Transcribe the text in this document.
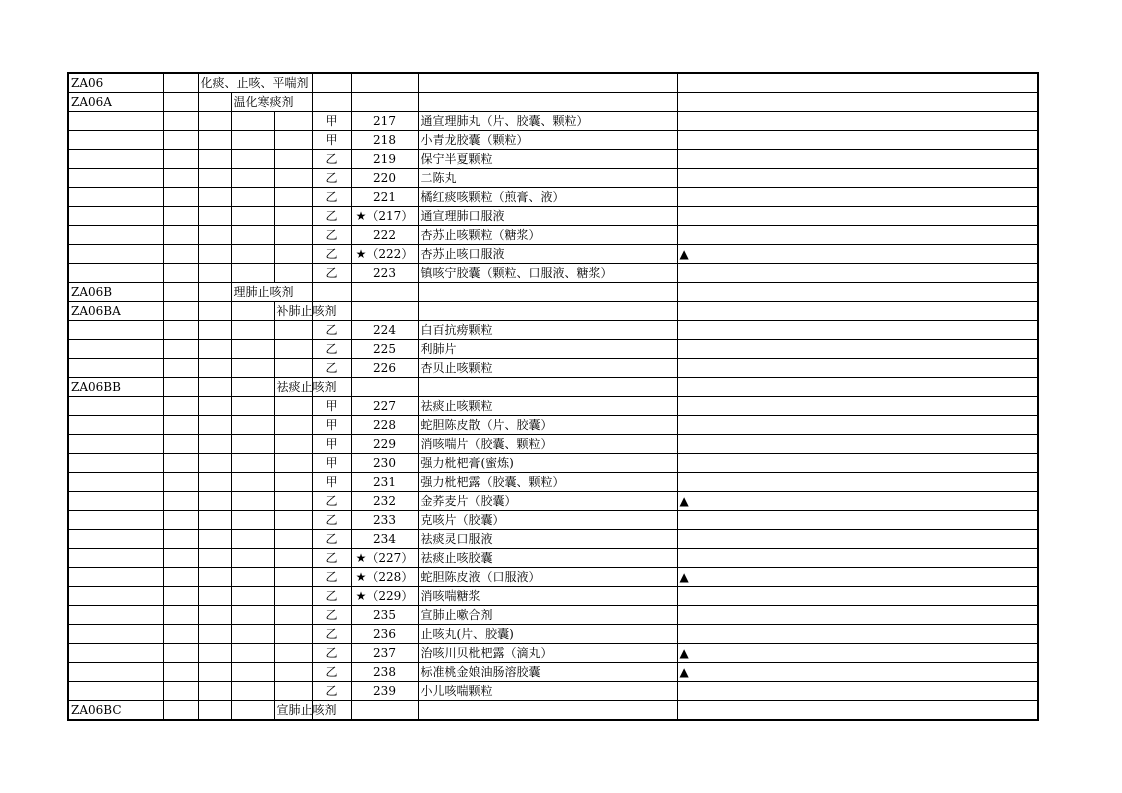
ZA06		化痰、止咳、平喘剂						
ZA06A			温化寒痰剂					
					甲	217	通宣理肺丸（片、胶囊、颗粒）	
					甲	218	小青龙胶囊（颗粒）	
					乙	219	保宁半夏颗粒	
					乙	220	二陈丸	
					乙	221	橘红痰咳颗粒（煎膏、液）	
					乙	★（217）	通宣理肺口服液	
					乙	222	杏苏止咳颗粒（糖浆）	
					乙	★（222）	杏苏止咳口服液	▲
					乙	223	镇咳宁胶囊（颗粒、口服液、糖浆）	
ZA06B			理肺止咳剂					
ZA06BA				补肺止咳剂				
					乙	224	白百抗痨颗粒	
					乙	225	利肺片	
					乙	226	杏贝止咳颗粒	
ZA06BB				祛痰止咳剂				
					甲	227	祛痰止咳颗粒	
					甲	228	蛇胆陈皮散（片、胶囊）	
					甲	229	消咳喘片（胶囊、颗粒）	
					甲	230	强力枇杷膏(蜜炼)	
					甲	231	强力枇杷露（胶囊、颗粒）	
					乙	232	金荞麦片（胶囊）	▲
					乙	233	克咳片（胶囊）	
					乙	234	祛痰灵口服液	
					乙	★（227）	祛痰止咳胶囊	
					乙	★（228）	蛇胆陈皮液（口服液）	▲
					乙	★（229）	消咳喘糖浆	
					乙	235	宣肺止嗽合剂	
					乙	236	止咳丸(片、胶囊)	
					乙	237	治咳川贝枇杷露（滴丸）	▲
					乙	238	标准桃金娘油肠溶胶囊	▲
					乙	239	小儿咳喘颗粒	
ZA06BC				宣肺止咳剂				
